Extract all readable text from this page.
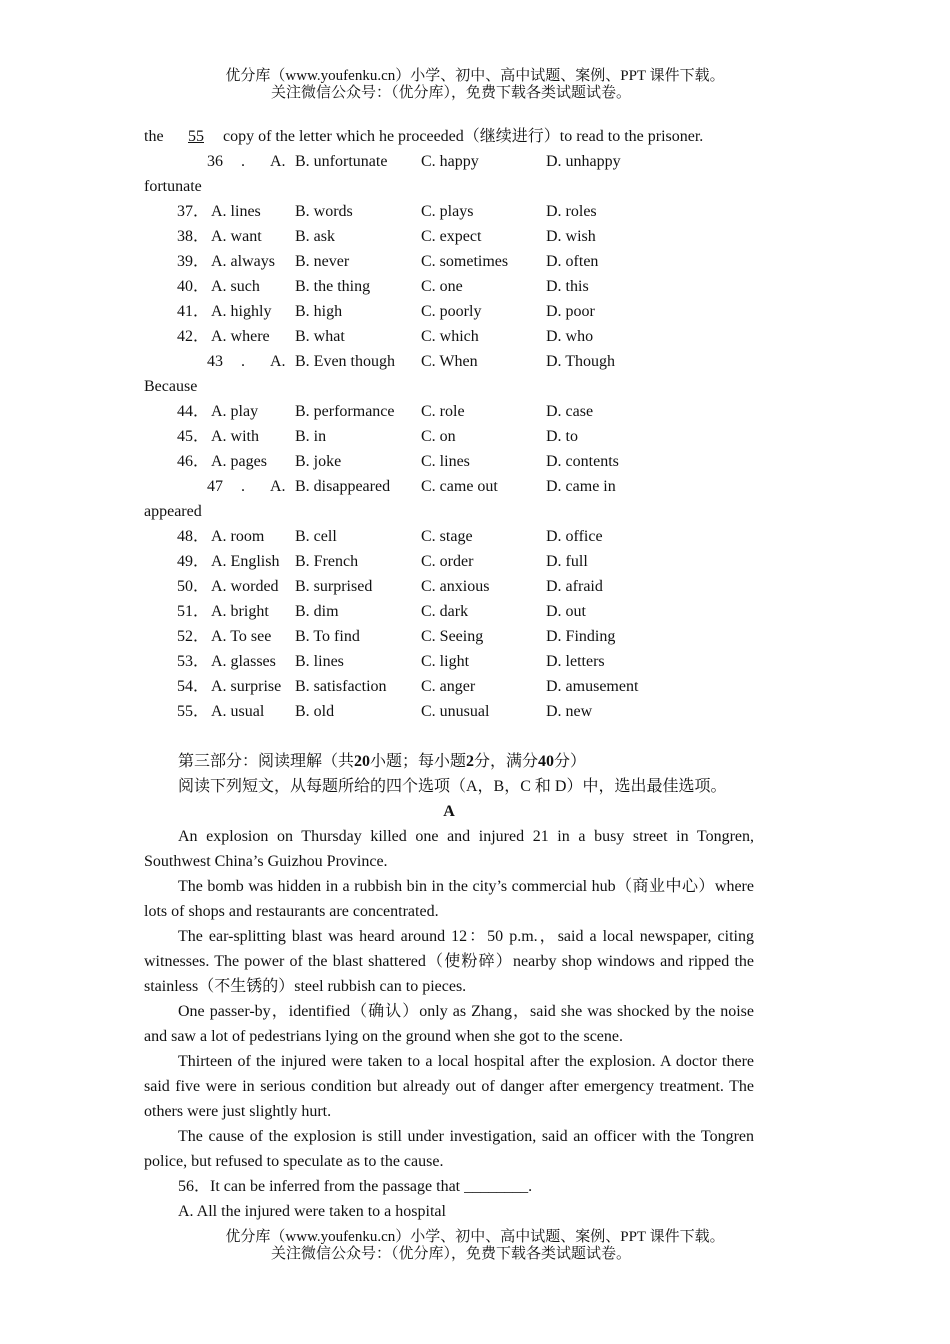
优分库（www.youfenku.cn）小学、初中、高中试题、案例、PPT 课件下载。
关注微信公众号：（优分库），免费下载各类试题试卷。
the	55	copy of the letter which he proceeded（继续进行）to read to the prisoner.
36 . A. B. unfortunate C. happy	D. unhappy
fortunate
37． A. lines B. words	C. plays	D. roles
38． A. want B. ask	C. expect	D. wish
39． A. always B. never	C. sometimes D. often
40． A. such B. the thing	C. one	D. this
41． A. highly B. high	C. poorly	D. poor
42． A. where B. what	C. which	D. who
43 . A. B. Even though C. When	D. Though
Because
44． A. play B. performance C. role	D. case
45． A. with B. in	C. on	D. to
46． A. pages B. joke	C. lines	D. contents
47 . A. B. disappeared C. came out	D. came in
appeared
48． A. room B. cell	C. stage	D. office
49． A. English B. French	C. order	D. full
50． A. worded B. surprised	C. anxious	D. afraid
51． A. bright B. dim	C. dark	D. out
52． A. To see B. To find	C. Seeing	D. Finding
53． A. glasses B. lines	C. light	D. letters
54． A. surprise B. satisfaction C. anger	D. amusement
55． A. usual B. old	C. unusual	D. new
第三部分：阅读理解（共20小题；每小题2分，满分40分）
阅读下列短文，从每题所给的四个选项（A，B，C 和 D）中，选出最佳选项。
A
An explosion on Thursday killed one and injured 21 in a busy street in Tongren, Southwest China’s Guizhou Province.
The bomb was hidden in a rubbish bin in the city’s commercial hub（商业中心）where lots of shops and restaurants are concentrated.
The ear-splitting blast was heard around 12：50 p.m.，said a local newspaper, citing witnesses. The power of the blast shattered（使粉碎）nearby shop windows and ripped the stainless（不生锈的）steel rubbish can to pieces.
One passer-by，identified（确认）only as Zhang，said she was shocked by the noise and saw a lot of pedestrians lying on the ground when she got to the scene.
Thirteen of the injured were taken to a local hospital after the explosion. A doctor there said five were in serious condition but already out of danger after emergency treatment. The others were just slightly hurt.
The cause of the explosion is still under investigation, said an officer with the Tongren police, but refused to speculate as to the cause.
56．It can be inferred from the passage that ________.
A. All the injured were taken to a hospital
优分库（www.youfenku.cn）小学、初中、高中试题、案例、PPT 课件下载。
关注微信公众号：（优分库），免费下载各类试题试卷。
